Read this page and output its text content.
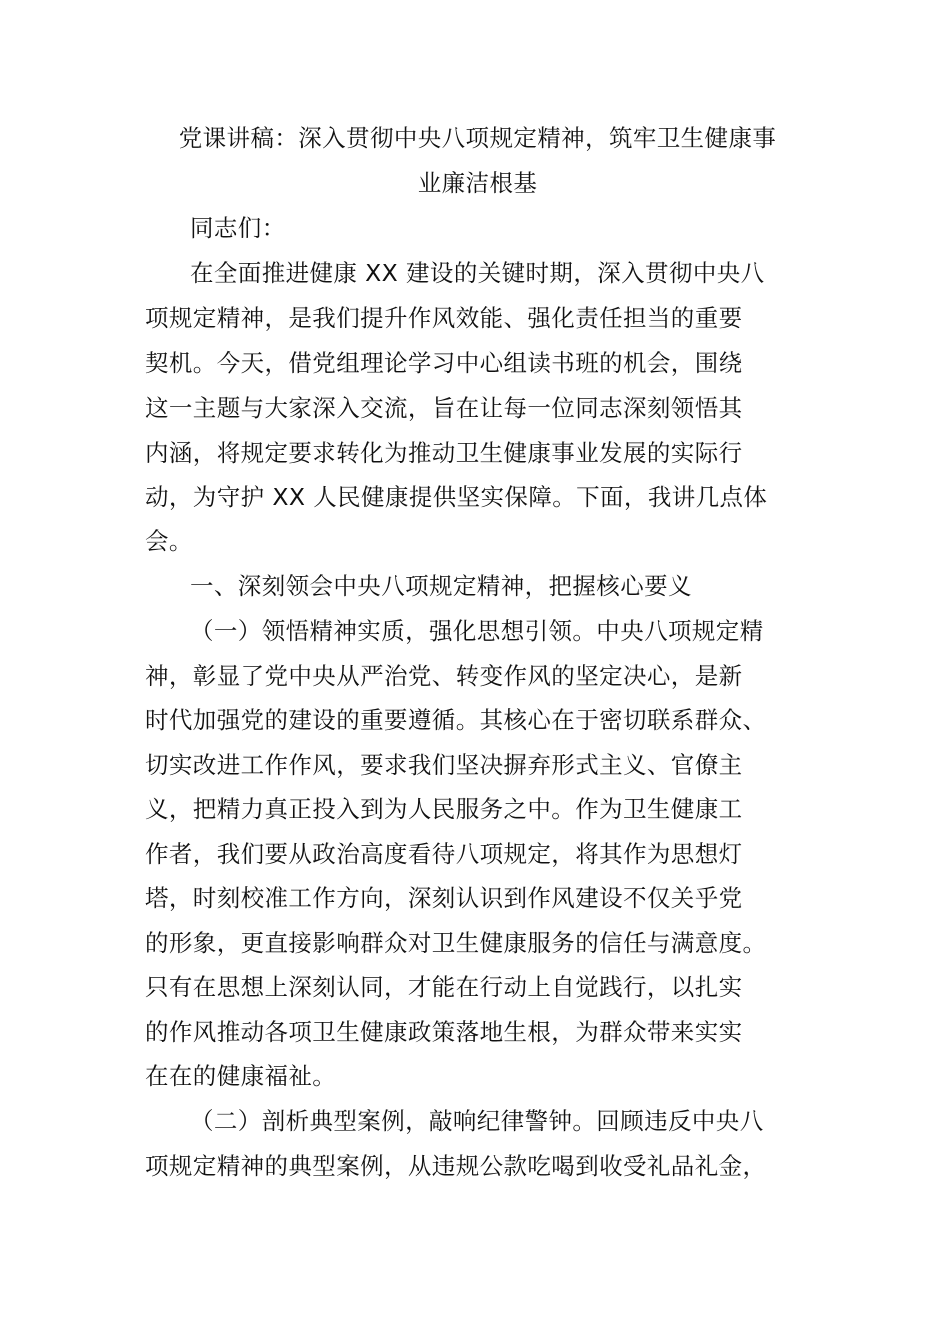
党课讲稿：深入贯彻中央八项规定精神，筑牢卫生健康事
业廉洁根基
同志们：
在全面推进健康 XX 建设的关键时期，深入贯彻中央八
项规定精神，是我们提升作风效能、强化责任担当的重要
契机。今天，借党组理论学习中心组读书班的机会，围绕
这一主题与大家深入交流，旨在让每一位同志深刻领悟其
内涵，将规定要求转化为推动卫生健康事业发展的实际行
动，为守护 XX 人民健康提供坚实保障。下面，我讲几点体
会。
一、深刻领会中央八项规定精神，把握核心要义
（一）领悟精神实质，强化思想引领。中央八项规定精
神，彰显了党中央从严治党、转变作风的坚定决心，是新
时代加强党的建设的重要遵循。其核心在于密切联系群众、
切实改进工作作风，要求我们坚决摒弃形式主义、官僚主
义，把精力真正投入到为人民服务之中。作为卫生健康工
作者，我们要从政治高度看待八项规定，将其作为思想灯
塔，时刻校准工作方向，深刻认识到作风建设不仅关乎党
的形象，更直接影响群众对卫生健康服务的信任与满意度。
只有在思想上深刻认同，才能在行动上自觉践行，以扎实
的作风推动各项卫生健康政策落地生根，为群众带来实实
在在的健康福祉。
（二）剖析典型案例，敲响纪律警钟。回顾违反中央八
项规定精神的典型案例，从违规公款吃喝到收受礼品礼金，
